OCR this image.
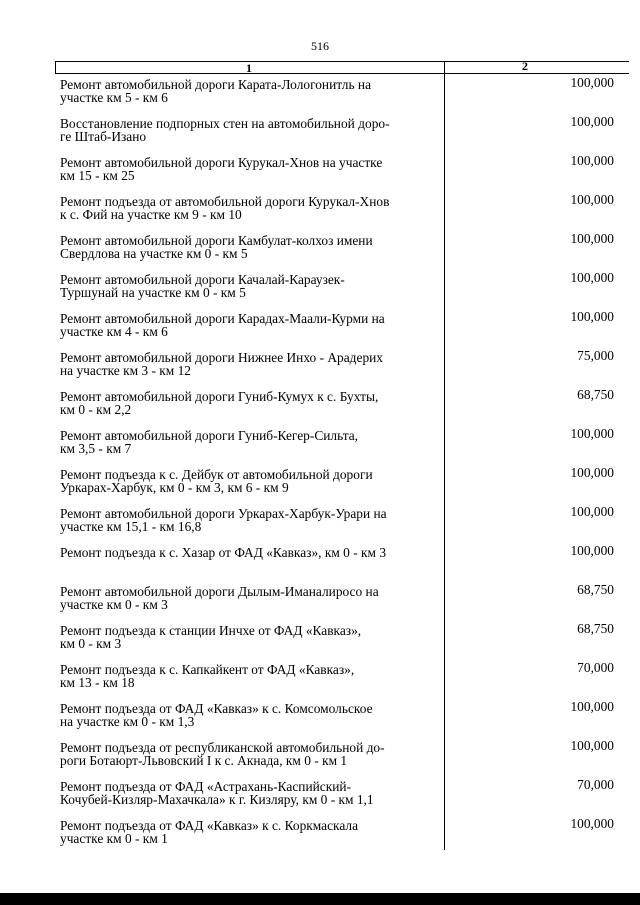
516
1	2
Ремонт автомобильной дороги Карата-Лологонитль на
участке км 5 - км 6
100,000
Восстановление подпорных стен на автомобильной доро-
ге Штаб-Изано
100,000
Ремонт автомобильной дороги Курукал-Хнов на участке
км 15 - км 25
100,000
Ремонт подъезда от автомобильной дороги Курукал-Хнов
к с. Фий на участке км 9 - км 10
100,000
Ремонт автомобильной дороги Камбулат-колхоз имени
Свердлова на участке км 0 - км 5
100,000
Ремонт автомобильной дороги Качалай-Караузек-
Туршунай на участке км 0 - км 5
100,000
Ремонт автомобильной дороги Карадах-Маали-Курми на
участке км 4 - км 6
100,000
Ремонт автомобильной дороги Нижнее Инхо - Арадерих
на участке км 3 - км 12
75,000
Ремонт автомобильной дороги Гуниб-Кумух к с. Бухты,
км 0 - км 2,2
68,750
Ремонт автомобильной дороги Гуниб-Кегер-Сильта,
км 3,5 - км 7
100,000
Ремонт подъезда к с. Дейбук от автомобильной дороги
Уркарах-Харбук, км 0 - км 3, км 6 - км 9
100,000
Ремонт автомобильной дороги Уркарах-Харбук-Урари на
участке км 15,1 - км 16,8
100,000
Ремонт подъезда к с. Хазар от ФАД «Кавказ», км 0 - км 3	100,000
Ремонт автомобильной дороги Дылым-Иманалиросо на
участке км 0 - км 3
68,750
Ремонт подъезда к станции Инчхе от ФАД «Кавказ»,
км 0 - км 3
68,750
Ремонт подъезда к с. Капкайкент от ФАД «Кавказ»,
км 13 - км 18
70,000
Ремонт подъезда от ФАД «Кавказ» к с. Комсомольское
на участке км 0 - км 1,3
100,000
Ремонт подъезда от республиканской автомобильной до-
роги Ботаюрт-Львовский I к с. Акнада, км 0 - км 1
100,000
Ремонт подъезда от ФАД «Астрахань-Каспийский-
Кочубей-Кизляр-Махачкала» к г. Кизляру, км 0 - км 1,1
70,000
Ремонт подъезда от ФАД «Кавказ» к с. Коркмаскала
участке км 0 - км 1
100,000
